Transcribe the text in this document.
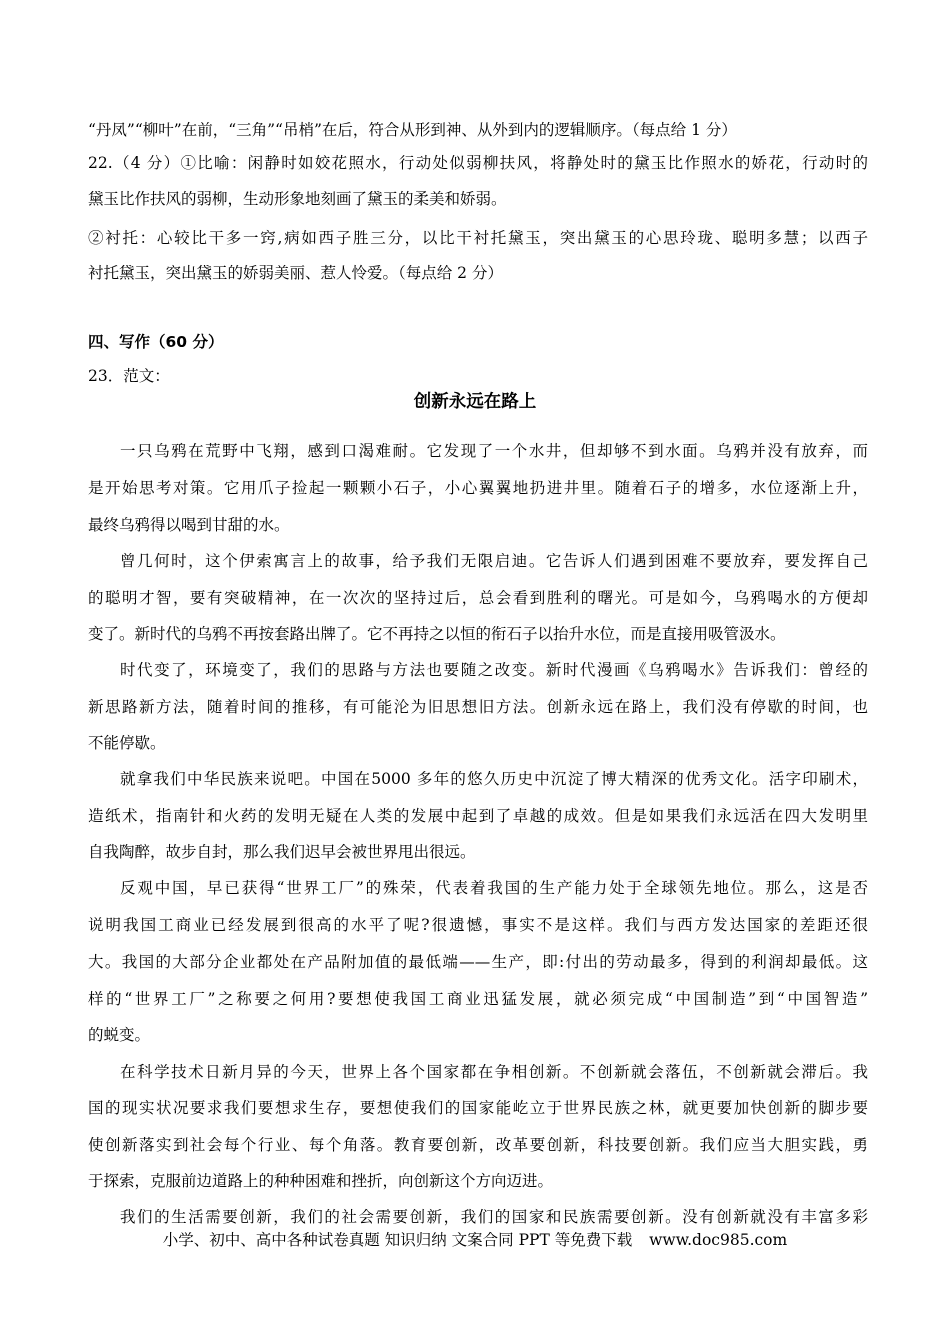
“丹凤”“柳叶”在前，“三角”“吊梢”在后，符合从形到神、从外到内的逻辑顺序。（每点给 1 分）
22.（4 分）①比喻：闲静时如姣花照水，行动处似弱柳扶风，将静处时的黛玉比作照水的娇花，行动时的
黛玉比作扶风的弱柳，生动形象地刻画了黛玉的柔美和娇弱。
②衬托：心较比干多一窍,病如西子胜三分，以比干衬托黛玉，突出黛玉的心思玲珑、聪明多慧；以西子
衬托黛玉，突出黛玉的娇弱美丽、惹人怜爱。（每点给 2 分）
四、写作（60 分）
23．范文：
创新永远在路上
一只乌鸦在荒野中飞翔，感到口渴难耐。它发现了一个水井，但却够不到水面。乌鸦并没有放弃，而
是开始思考对策。它用爪子捡起一颗颗小石子，小心翼翼地扔进井里。随着石子的增多，水位逐渐上升，
最终乌鸦得以喝到甘甜的水。
曾几何时，这个伊索寓言上的故事，给予我们无限启迪。它告诉人们遇到困难不要放弃，要发挥自己
的聪明才智，要有突破精神，在一次次的坚持过后，总会看到胜利的曙光。可是如今，乌鸦喝水的方便却
变了。新时代的乌鸦不再按套路出牌了。它不再持之以恒的衔石子以抬升水位，而是直接用吸管汲水。
时代变了，环境变了，我们的思路与方法也要随之改变。新时代漫画《乌鸦喝水》告诉我们：曾经的
新思路新方法，随着时间的推移，有可能沦为旧思想旧方法。创新永远在路上，我们没有停歇的时间，也
不能停歇。
就拿我们中华民族来说吧。中国在5000 多年的悠久历史中沉淀了博大精深的优秀文化。活字印刷术，
造纸术，指南针和火药的发明无疑在人类的发展中起到了卓越的成效。但是如果我们永远活在四大发明里
自我陶醉，故步自封，那么我们迟早会被世界甩出很远。
反观中国，早已获得“世界工厂”的殊荣，代表着我国的生产能力处于全球领先地位。那么，这是否
说明我国工商业已经发展到很高的水平了呢?很遗憾，事实不是这样。我们与西方发达国家的差距还很
大。我国的大部分企业都处在产品附加值的最低端——生产，即:付出的劳动最多，得到的利润却最低。这
样的“世界工厂”之称要之何用?要想使我国工商业迅猛发展，就必须完成“中国制造”到“中国智造”
的蜕变。
在科学技术日新月异的今天，世界上各个国家都在争相创新。不创新就会落伍，不创新就会滞后。我
国的现实状况要求我们要想求生存，要想使我们的国家能屹立于世界民族之林，就更要加快创新的脚步要
使创新落实到社会每个行业、每个角落。教育要创新，改革要创新，科技要创新。我们应当大胆实践，勇
于探索，克服前边道路上的种种困难和挫折，向创新这个方向迈进。
我们的生活需要创新，我们的社会需要创新，我们的国家和民族需要创新。没有创新就没有丰富多彩
小学、初中、高中各种试卷真题 知识归纳 文案合同 PPT 等免费下载 www.doc985.com
